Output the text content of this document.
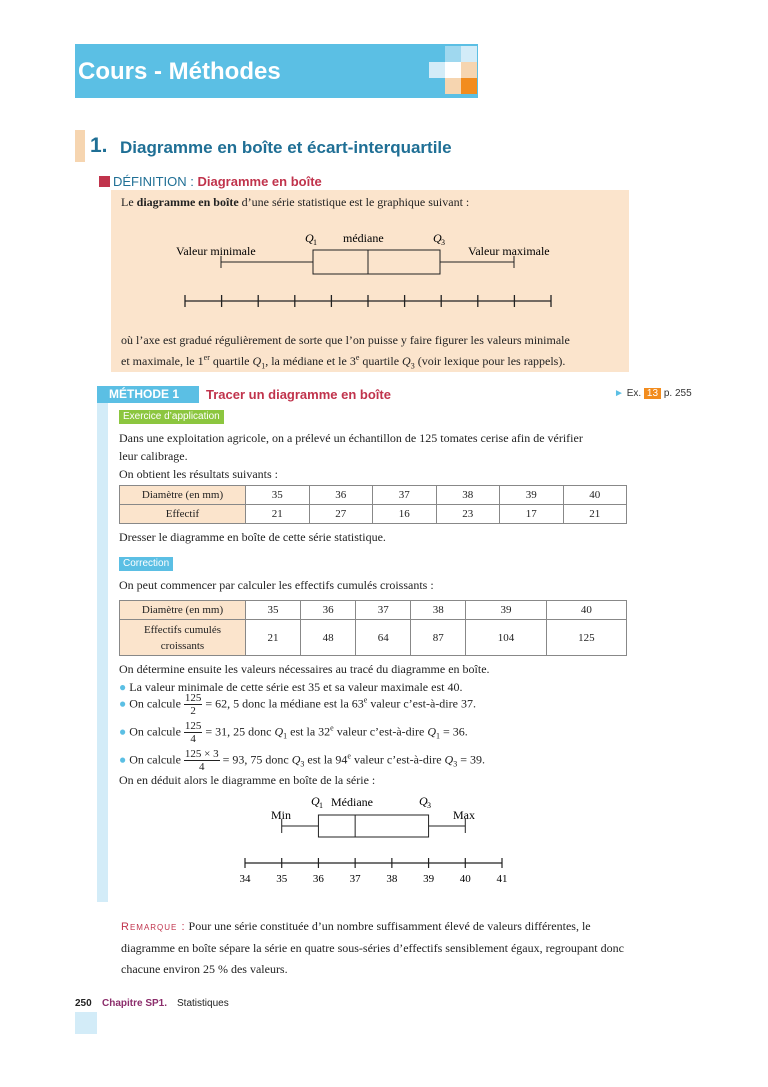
Cours - Méthodes
1. Diagramme en boîte et écart-interquartile
DÉFINITION : Diagramme en boîte
Le diagramme en boîte d’une série statistique est le graphique suivant :
Q 1 médiane	Q 3
Valeur minimale	Valeur maximale
où l’axe est gradué régulièrement de sorte que l’on puisse y faire figurer les valeurs minimale
et maximale, le 1er quartile $Q_1$, la médiane et le 3e quartile $Q_3$ (voir lexique pour les rappels).
MÉTHODE 1 Tracer un diagramme en boîte	► Ex. 13 p. 255
Exercice d’application
Dans une exploitation agricole, on a prélevé un échantillon de 125 tomates cerise afin de vérifier
leur calibrage.
On obtient les résultats suivants :
Diamètre (en mm)	35	36	37	38	39	40
Effectif	21	27	16	23	17	21
Dresser le diagramme en boîte de cette série statistique.
Correction
On peut commencer par calculer les effectifs cumulés croissants :
Diamètre (en mm)	35	36	37	38	39	40
Effectifs cumulés
croissants	21	48	64	87	104	125
On détermine ensuite les valeurs nécessaires au tracé du diagramme en boîte.
● La valeur minimale de cette série est 35 et sa valeur maximale est 40.
● On calcule $\frac{125}{2} = 62$, 5 donc la médiane est la 63e valeur c’est-à-dire 37.
● On calcule $\frac{125}{4} = 31$, 25 donc $Q_1$ est la 32e valeur c’est-à-dire $Q_1 = 36$.
● On calcule $\frac{125 \times 3}{4} = 93$, 75 donc $Q_3$ est la 94e valeur c’est-à-dire $Q_3 = 39$.
On en déduit alors le diagramme en boîte de la série :
Q 1 Médiane	Q 3
Min	Max
34 35 36 37 38 39 40 41
Remarque : Pour une série constituée d’un nombre suffisamment élevé de valeurs différentes, le diagramme en boîte sépare la série en quatre sous-séries d’effectifs sensiblement égaux, regroupant donc chacune environ 25 % des valeurs.
250 Chapitre SP1. Statistiques
